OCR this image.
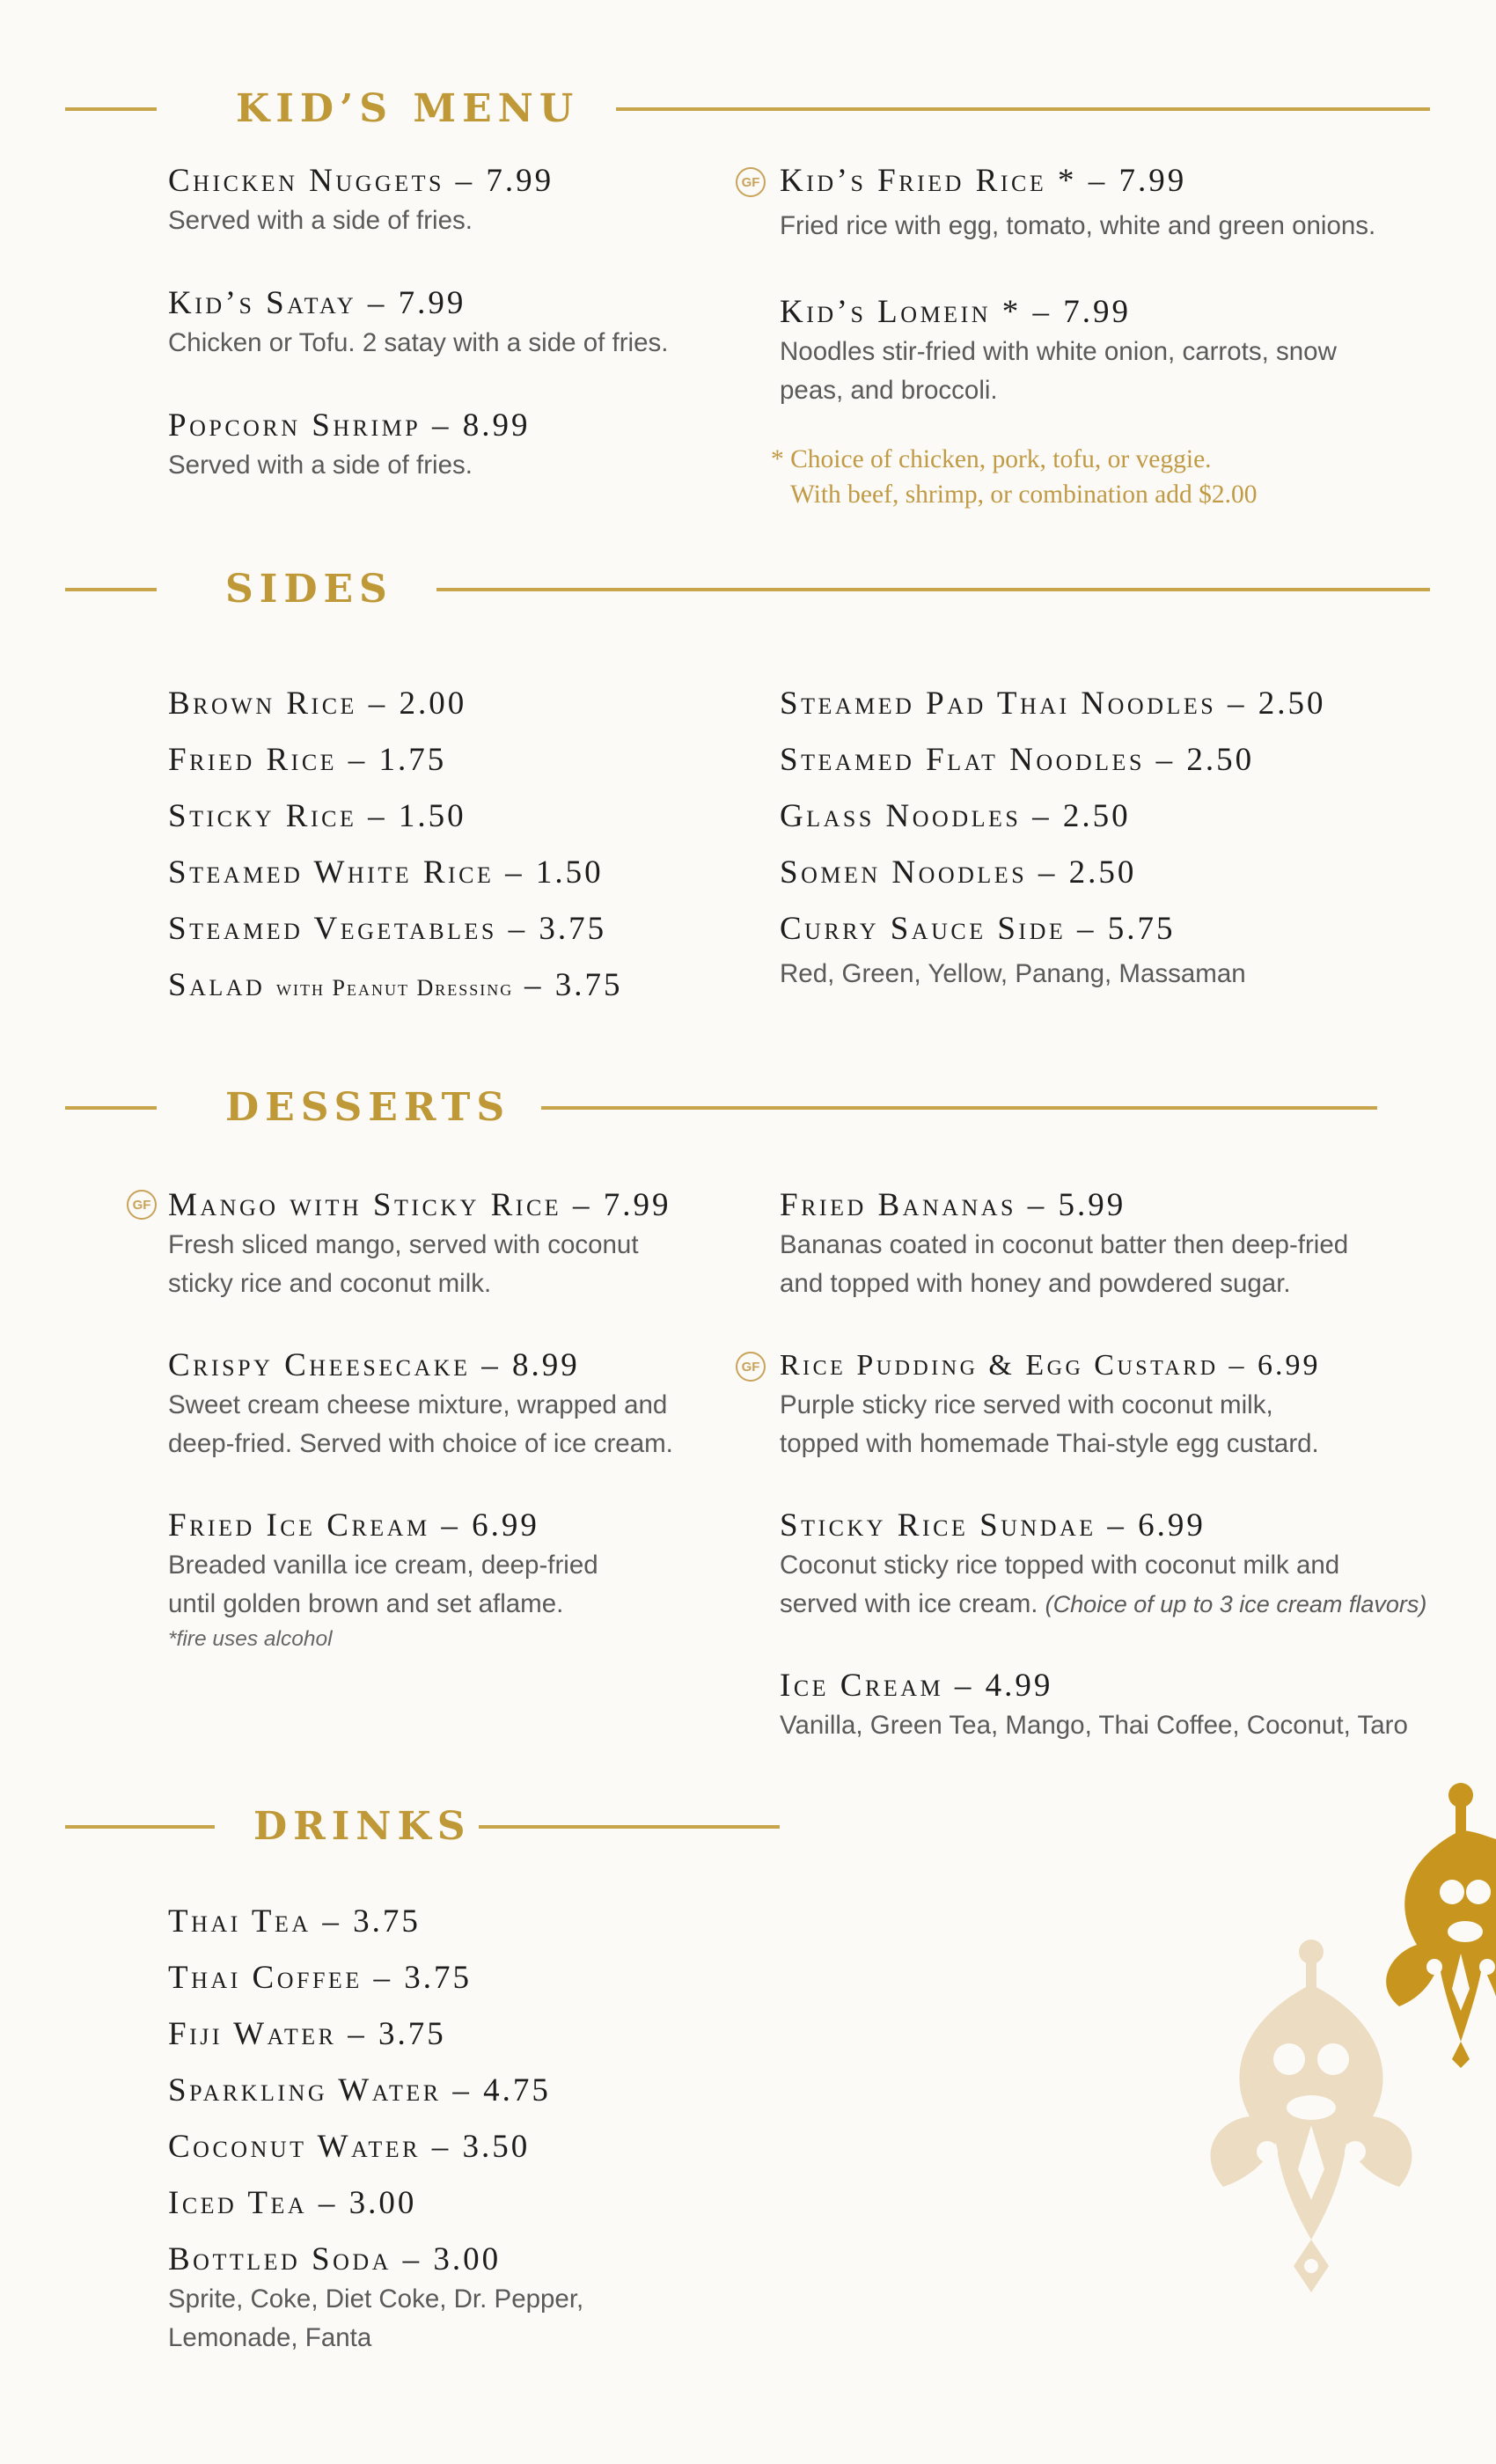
KID’S MENU
Chicken Nuggets – 7.99
Served with a side of fries.
Kid’s Satay – 7.99
Chicken or Tofu. 2 satay with a side of fries.
Popcorn Shrimp – 8.99
Served with a side of fries.
GF Kid’s Fried Rice * – 7.99
Fried rice with egg, tomato, white and green onions.
Kid’s Lomein * – 7.99
Noodles stir-fried with white onion, carrots, snow
peas, and broccoli.
* Choice of chicken, pork, tofu, or veggie.
With beef, shrimp, or combination add $2.00
SIDES
Brown Rice – 2.00
Fried Rice – 1.75
Sticky Rice – 1.50
Steamed White Rice – 1.50
Steamed Vegetables – 3.75
Salad with Peanut Dressing – 3.75
Steamed Pad Thai Noodles – 2.50
Steamed Flat Noodles – 2.50
Glass Noodles – 2.50
Somen Noodles – 2.50
Curry Sauce Side – 5.75
Red, Green, Yellow, Panang, Massaman
DESSERTS
GF Mango with Sticky Rice – 7.99
Fresh sliced mango, served with coconut
sticky rice and coconut milk.
Crispy Cheesecake – 8.99
Sweet cream cheese mixture, wrapped and
deep-fried. Served with choice of ice cream.
Fried Ice Cream – 6.99
Breaded vanilla ice cream, deep-fried
until golden brown and set aflame.
*fire uses alcohol
Fried Bananas – 5.99
Bananas coated in coconut batter then deep-fried
and topped with honey and powdered sugar.
GF Rice Pudding & Egg Custard – 6.99
Purple sticky rice served with coconut milk,
topped with homemade Thai-style egg custard.
Sticky Rice Sundae – 6.99
Coconut sticky rice topped with coconut milk and
served with ice cream. (Choice of up to 3 ice cream flavors)
Ice Cream – 4.99
Vanilla, Green Tea, Mango, Thai Coffee, Coconut, Taro
DRINKS
Thai Tea – 3.75
Thai Coffee – 3.75
Fiji Water – 3.75
Sparkling Water – 4.75
Coconut Water – 3.50
Iced Tea – 3.00
Bottled Soda – 3.00
Sprite, Coke, Diet Coke, Dr. Pepper,
Lemonade, Fanta
